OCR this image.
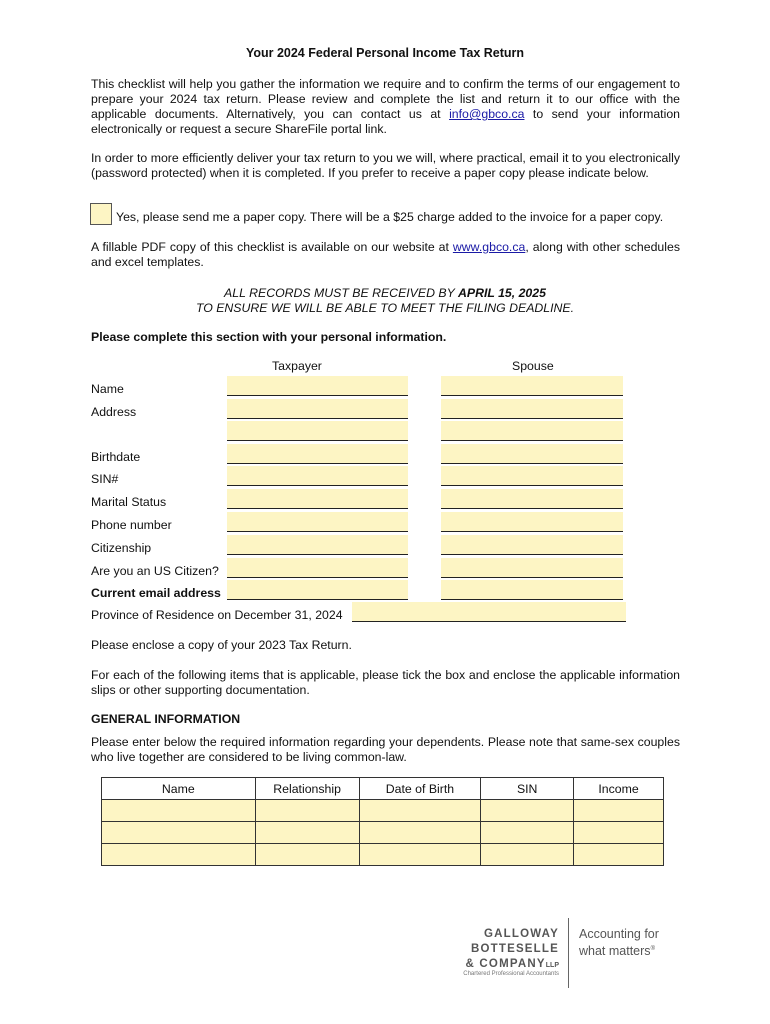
Your 2024 Federal Personal Income Tax Return
This checklist will help you gather the information we require and to confirm the terms of our engagement to prepare your 2024 tax return. Please review and complete the list and return it to our office with the applicable documents. Alternatively, you can contact us at info@gbco.ca to send your information electronically or request a secure ShareFile portal link.
In order to more efficiently deliver your tax return to you we will, where practical, email it to you electronically (password protected) when it is completed. If you prefer to receive a paper copy please indicate below.
Yes, please send me a paper copy. There will be a $25 charge added to the invoice for a paper copy.
A fillable PDF copy of this checklist is available on our website at www.gbco.ca, along with other schedules and excel templates.
ALL RECORDS MUST BE RECEIVED BY APRIL 15, 2025
TO ENSURE WE WILL BE ABLE TO MEET THE FILING DEADLINE.
Please complete this section with your personal information.
Taxpayer	Spouse
Name
Address
Birthdate
SIN#
Marital Status
Phone number
Citizenship
Are you an US Citizen?
Current email address
Province of Residence on December 31, 2024
Please enclose a copy of your 2023 Tax Return.
For each of the following items that is applicable, please tick the box and enclose the applicable information slips or other supporting documentation.
GENERAL INFORMATION
Please enter below the required information regarding your dependents. Please note that same-sex couples who live together are considered to be living common-law.
Name	Relationship	Date of Birth	SIN	Income

GALLOWAY
BOTTESELLE
& COMPANYLLP
Chartered Professional Accountants
Accounting for
what matters®
